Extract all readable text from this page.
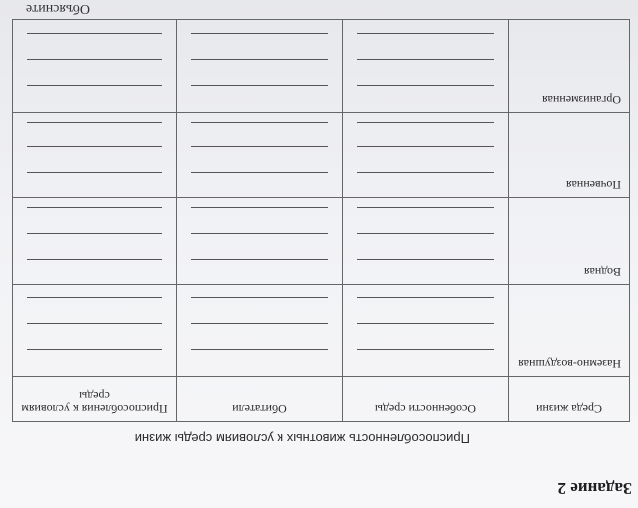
Объясните
Задание 2
Приспособленность животных к условиям среды жизни
Среда жизни	Особенности среды	Обитатели	Приспособления к условиям среды

Наземно-воздушная			

Водная			

Почвенная			

Организменная			
